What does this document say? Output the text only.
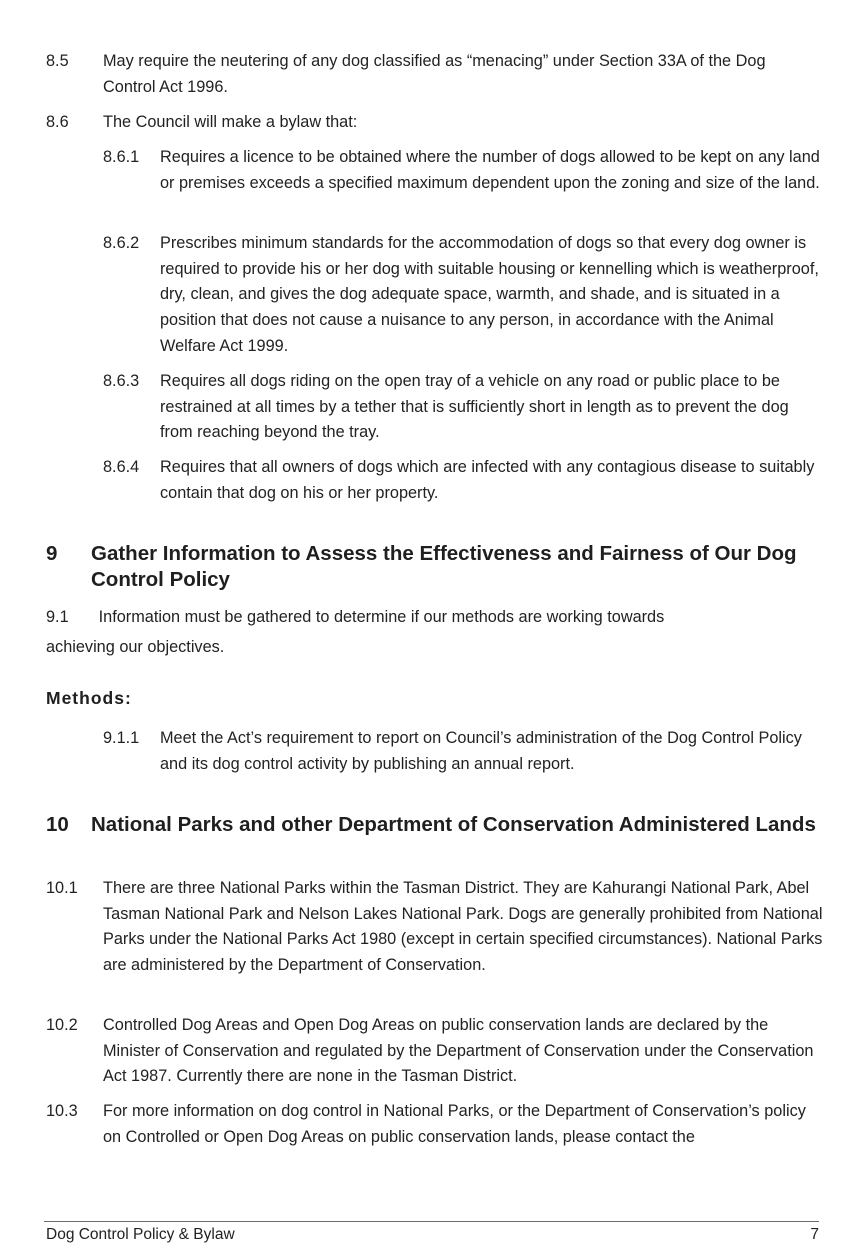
8.5 May require the neutering of any dog classified as “menacing” under Section 33A of the Dog Control Act 1996.
8.6 The Council will make a bylaw that:
8.6.1 Requires a licence to be obtained where the number of dogs allowed to be kept on any land or premises exceeds a specified maximum dependent upon the zoning and size of the land.
8.6.2 Prescribes minimum standards for the accommodation of dogs so that every dog owner is required to provide his or her dog with suitable housing or kennelling which is weatherproof, dry, clean, and gives the dog adequate space, warmth, and shade, and is situated in a position that does not cause a nuisance to any person, in accordance with the Animal Welfare Act 1999.
8.6.3 Requires all dogs riding on the open tray of a vehicle on any road or public place to be restrained at all times by a tether that is sufficiently short in length as to prevent the dog from reaching beyond the tray.
8.6.4 Requires that all owners of dogs which are infected with any contagious disease to suitably contain that dog on his or her property.
9 Gather Information to Assess the Effectiveness and Fairness of Our Dog Control Policy
9.1 Information must be gathered to determine if our methods are working towards
achieving our objectives.
Methods:
9.1.1 Meet the Act’s requirement to report on Council’s administration of the Dog Control Policy and its dog control activity by publishing an annual report.
10 National Parks and other Department of Conservation Administered Lands
10.1 There are three National Parks within the Tasman District. They are Kahurangi National Park, Abel Tasman National Park and Nelson Lakes National Park. Dogs are generally prohibited from National Parks under the National Parks Act 1980 (except in certain specified circumstances). National Parks are administered by the Department of Conservation.
10.2 Controlled Dog Areas and Open Dog Areas on public conservation lands are declared by the Minister of Conservation and regulated by the Department of Conservation under the Conservation Act 1987. Currently there are none in the Tasman District.
10.3 For more information on dog control in National Parks, or the Department of Conservation’s policy on Controlled or Open Dog Areas on public conservation lands, please contact the
Dog Control Policy & Bylaw	7
